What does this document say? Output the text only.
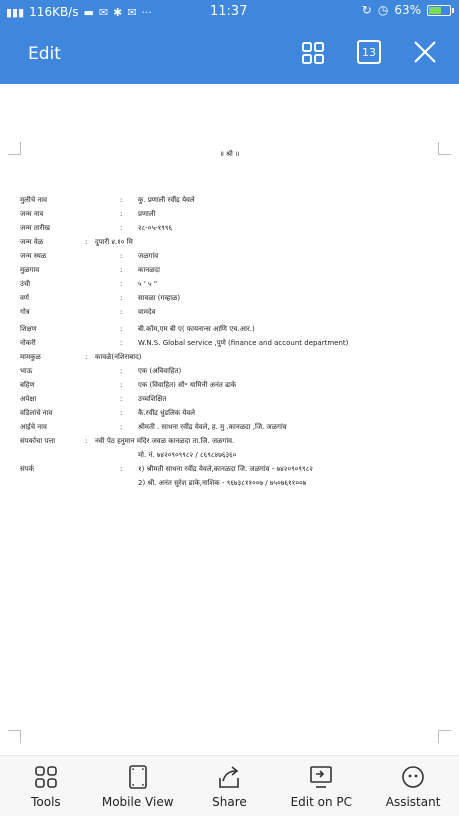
▮▮▮ 116KB/s ▬ ✉ ✱ ✉ ···	11:37	↻ ◷ 63%
Edit	13
॥ श्री ॥
मुलीचे नाव	: कु. प्रणाली रवींद्र येवले
जन्म नाव	: प्रणाली
जन्म तारीख	: २८-०५-१९९६
जन्म वेळ	: दुपारी ४.१० मि
जन्म स्थळ	: जळगांव
मुळगाव	: कानळदा
उंची	: ५ ' ५ "
वर्ण	: सावळा (गव्हाळ)
गोत्र	: वामदेव
शिक्षण	: बी.कॉम,एम बी ए( फायनान्स आणि एच.आर.)
नोकरी	: W.N.S. Global service ,पुणे (finance and account department)
मामकुळ	: कावळे(नशिराबाद)
भाऊ	: एक (अविवाहित)
बहिण	: एक (विवाहित) सौ॰ यामिनी अनंत ढाके
अपेक्षा	: उच्चशिक्षित
वडिलांचे नाव	: कै.रवींद्र धुंडलिक येवले
आईचे नाव	: श्रीमती . साधना रवींद्र येवले, ह. मु .कानळदा ,जि. जळगांव
संपर्काचा पत्ता	: नवी पेठ हनुमान मंदिर जवळ कानळदा ता.जि. जळगांव.
मो. नं. ७४२०९०९९८२ / ८६९८४७६३६०
संपर्क	: १) श्रीमती साधना रवींद्र येवले,कानळदा जि. जळगांव - ७४२०९०९९८२
2) श्री. अनंत सुरेश ढाके,नाशिक - ९६७३८११००७ / ७५०७६११००७
Tools	Mobile View	Share	Edit on PC	Assistant
